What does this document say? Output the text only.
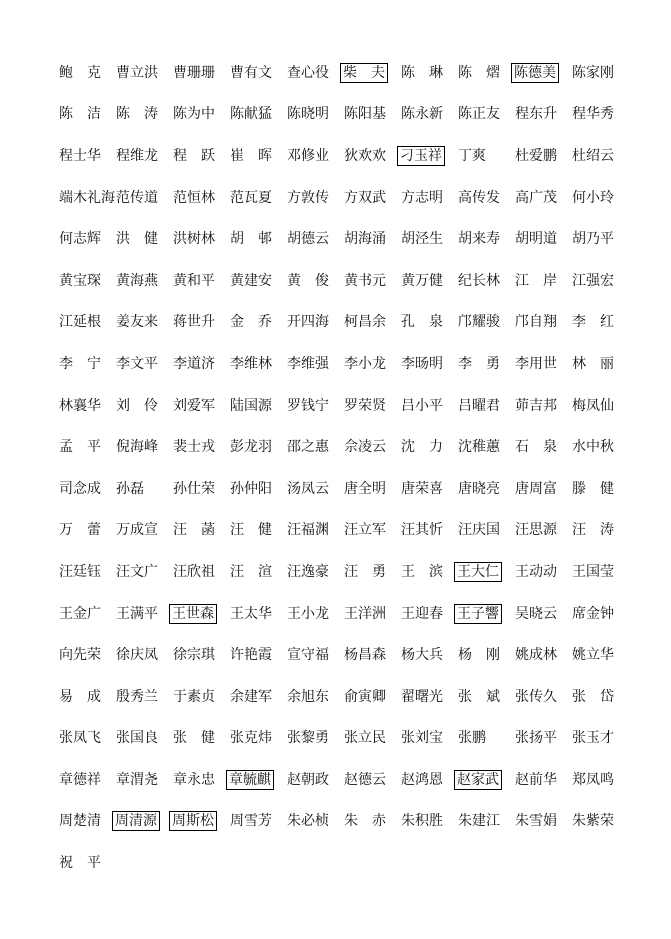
鲍　克	曹立洪	曹珊珊	曹有文	查心役	柴　夫	陈　琳	陈　熠	陈德美	陈家刚
陈　洁	陈　涛	陈为中	陈献猛	陈晓明	陈阳基	陈永新	陈正友	程东升	程华秀
程士华	程维龙	程　跃	崔　晖	邓修业	狄欢欢	刁玉祥	丁爽	杜爱鹏	杜绍云
端木礼海 范传道	范恒林	范瓦夏	方敦传	方双武	方志明	高传发	高广茂	何小玲
何志辉	洪　健	洪树林	胡　邨	胡德云	胡海涌	胡泾生	胡来寿	胡明道	胡乃平
黄宝琛	黄海燕	黄和平	黄建安	黄　俊	黄书元	黄万健	纪长林	江　岸	江强宏
江延根	姜友来	蒋世升	金　乔	开四海	柯昌余	孔　泉	邝耀骏	邝自翔	李　红
李　宁	李文平	李道济	李维林	李维强	李小龙	李旸明	李　勇	李用世	林　丽
林襄华	刘　伶	刘爱军	陆国源	罗钱宁	罗荣贤	吕小平	吕曜君	茆吉邦	梅凤仙
孟　平	倪海峰	裴士戎	彭龙羽	邵之惠	佘凌云	沈　力	沈稚蕙	石　泉	水中秋
司念成	孙磊	孙仕荣	孙仲阳	汤凤云	唐全明	唐荣喜	唐晓亮	唐周富	滕　健
万　蕾	万成宣	汪　菡	汪　健	汪福渊	汪立军	汪其忻	汪庆国	汪思源	汪　涛
汪廷钰	汪文广	汪欣祖	汪　渲	汪逸豪	汪　勇	王　滨	王大仁	王动动	王国莹
王金广	王满平	王世森	王太华	王小龙	王洋洲	王迎春	王子響	吴晓云	席金钟
向先荣	徐庆凤	徐宗琪	许艳霞	宣守福	杨昌森	杨大兵	杨　刚	姚成林	姚立华
易　成	殷秀兰	于素贞	余建军	余旭东	俞寅卿	翟曙光	张　斌	张传久	张　岱
张凤飞	张国良	张　健	张克炜	张黎勇	张立民	张刘宝	张鹏	张扬平	张玉才
章德祥	章渭尧	章永忠	章毓麒	赵朝政	赵德云	赵鸿恩	赵家武	赵前华	郑凤鸣
周楚清	周清源	周斯松	周雪芳	朱必桢	朱　赤	朱积胜	朱建江	朱雪娟	朱紫荣
祝　平
